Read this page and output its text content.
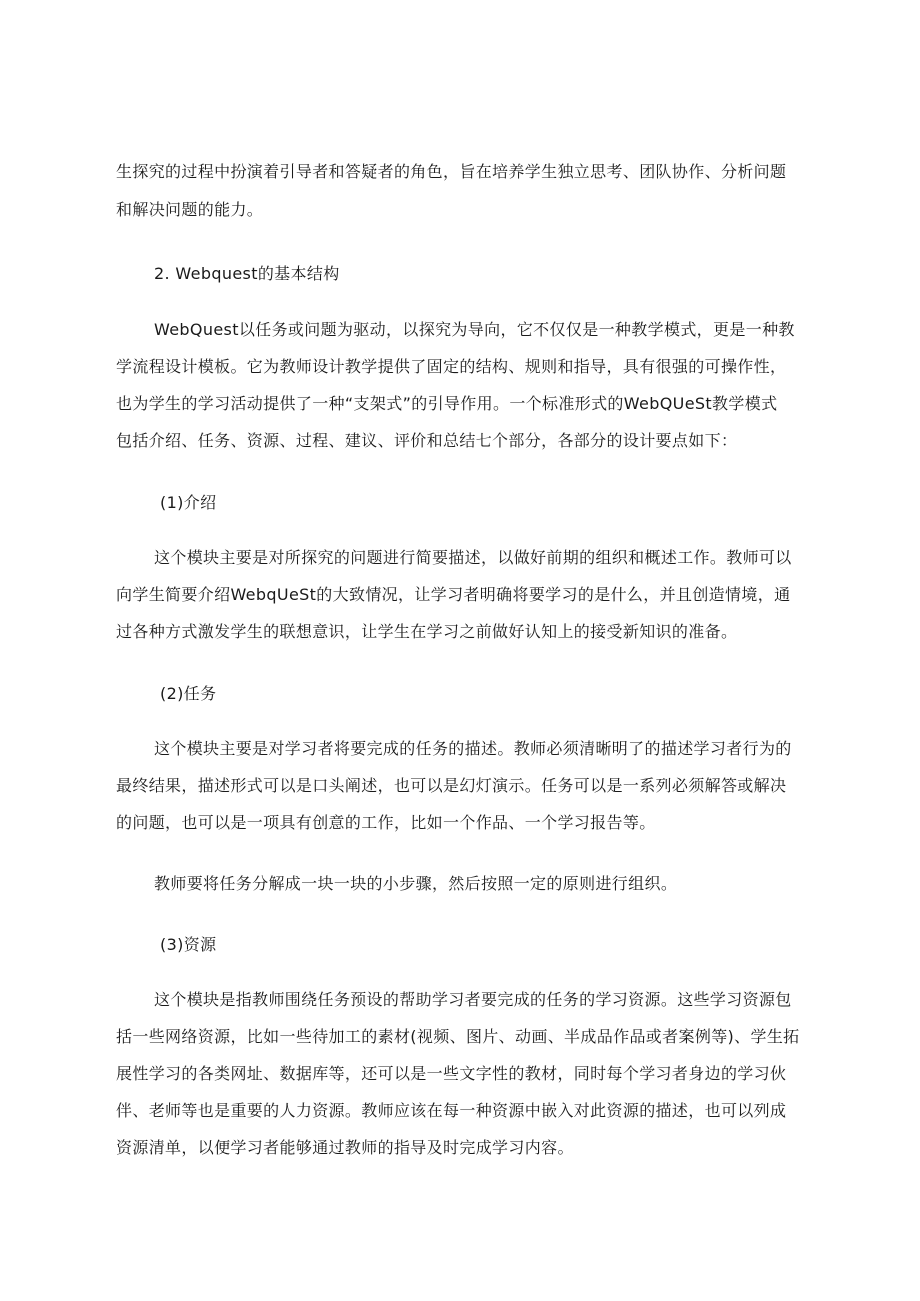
生探究的过程中扮演着引导者和答疑者的角色，旨在培养学生独立思考、团队协作、分析问题
和解决问题的能力。
2. Webquest的基本结构
WebQuest以任务或问题为驱动，以探究为导向，它不仅仅是一种教学模式，更是一种教
学流程设计模板。它为教师设计教学提供了固定的结构、规则和指导，具有很强的可操作性，
也为学生的学习活动提供了一种“支架式”的引导作用。一个标准形式的WebQUeSt教学模式
包括介绍、任务、资源、过程、建议、评价和总结七个部分，各部分的设计要点如下：
(1)介绍
这个模块主要是对所探究的问题进行简要描述，以做好前期的组织和概述工作。教师可以
向学生简要介绍WebqUeSt的大致情况，让学习者明确将要学习的是什么，并且创造情境，通
过各种方式激发学生的联想意识，让学生在学习之前做好认知上的接受新知识的准备。
(2)任务
这个模块主要是对学习者将要完成的任务的描述。教师必须清晰明了的描述学习者行为的
最终结果，描述形式可以是口头阐述，也可以是幻灯演示。任务可以是一系列必须解答或解决
的问题，也可以是一项具有创意的工作，比如一个作品、一个学习报告等。
教师要将任务分解成一块一块的小步骤，然后按照一定的原则进行组织。
(3)资源
这个模块是指教师围绕任务预设的帮助学习者要完成的任务的学习资源。这些学习资源包
括一些网络资源，比如一些待加工的素材(视频、图片、动画、半成品作品或者案例等)、学生拓
展性学习的各类网址、数据库等，还可以是一些文字性的教材，同时每个学习者身边的学习伙
伴、老师等也是重要的人力资源。教师应该在每一种资源中嵌入对此资源的描述，也可以列成
资源清单，以便学习者能够通过教师的指导及时完成学习内容。
